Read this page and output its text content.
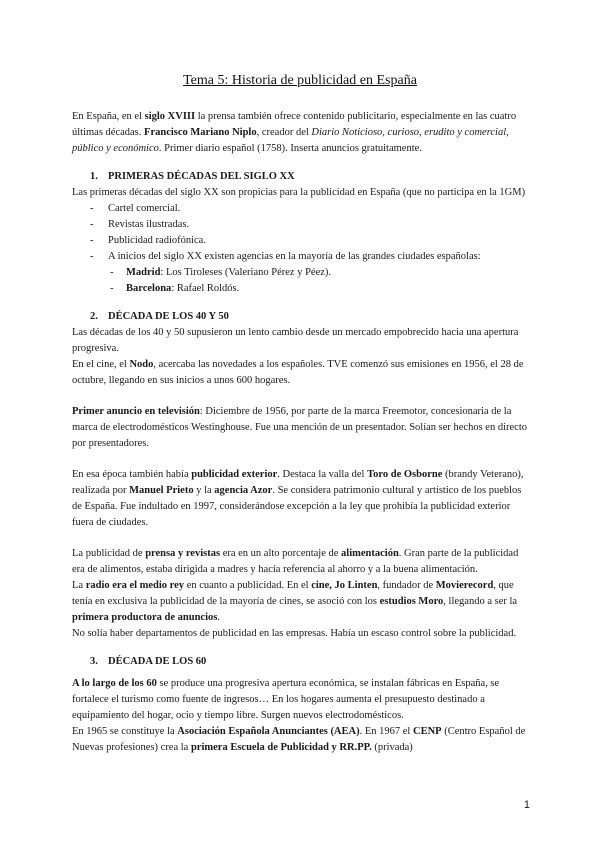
Tema 5: Historia de publicidad en España

En España, en el siglo XVIII la prensa también ofrece contenido publicitario, especialmente en las cuatro últimas décadas. Francisco Mariano Niplo, creador del Diario Noticioso, curioso, erudito y comercial, público y económico. Primer diario español (1758). Inserta anuncios gratuitamente.

1. PRIMERAS DÉCADAS DEL SIGLO XX

Las primeras décadas del siglo XX son propicias para la publicidad en España (que no participa en la 1GM)

- Cartel comercial.
- Revistas ilustradas.
- Publicidad radiofónica.
- A inicios del siglo XX existen agencias en la mayoría de las grandes ciudades españolas:
- Madrid: Los Tiroleses (Valeriano Pérez y Péez).
- Barcelona: Rafael Roldós.
2. DÉCADA DE LOS 40 Y 50

Las décadas de los 40 y 50 supusieron un lento cambio desde un mercado empobrecido hacia una apertura progresiva.

En el cine, el Nodo, acercaba las novedades a los españoles. TVE comenzó sus emisiones en 1956, el 28 de octubre, llegando en sus inicios a unos 600 hogares.

Primer anuncio en televisión: Diciembre de 1956, por parte de la marca Freemotor, concesionaria de la marca de electrodomésticos Westinghouse. Fue una mención de un presentador. Solían ser hechos en directo por presentadores.

En esa época también había publicidad exterior. Destaca la valla del Toro de Osborne (brandy Veterano), realizada por Manuel Prieto y la agencia Azor. Se considera patrimonio cultural y artístico de los pueblos de España. Fue indultado en 1997, considerándose excepción a la ley que prohibía la publicidad exterior fuera de ciudades.

La publicidad de prensa y revistas era en un alto porcentaje de alimentación. Gran parte de la publicidad era de alimentos, estaba dirigida a madres y hacía referencia al ahorro y a la buena alimentación.

La radio era el medio rey en cuanto a publicidad. En el cine, Jo Linten, fundador de Movierecord, que tenía en exclusiva la publicidad de la mayoría de cines, se asoció con los estudios Moro, llegando a ser la primera productora de anuncios.

No solía haber departamentos de publicidad en las empresas. Había un escaso control sobre la publicidad.

3. DÉCADA DE LOS 60

A lo largo de los 60 se produce una progresiva apertura económica, se instalan fábricas en España, se fortalece el turismo como fuente de ingresos… En los hogares aumenta el presupuesto destinado a equipamiento del hogar, ocio y tiempo libre. Surgen nuevos electrodomésticos.

En 1965 se constituye la Asociación Española Anunciantes (AEA). En 1967 el CENP (Centro Español de Nuevas profesiones) crea la primera Escuela de Publicidad y RR.PP. (privada)

1
